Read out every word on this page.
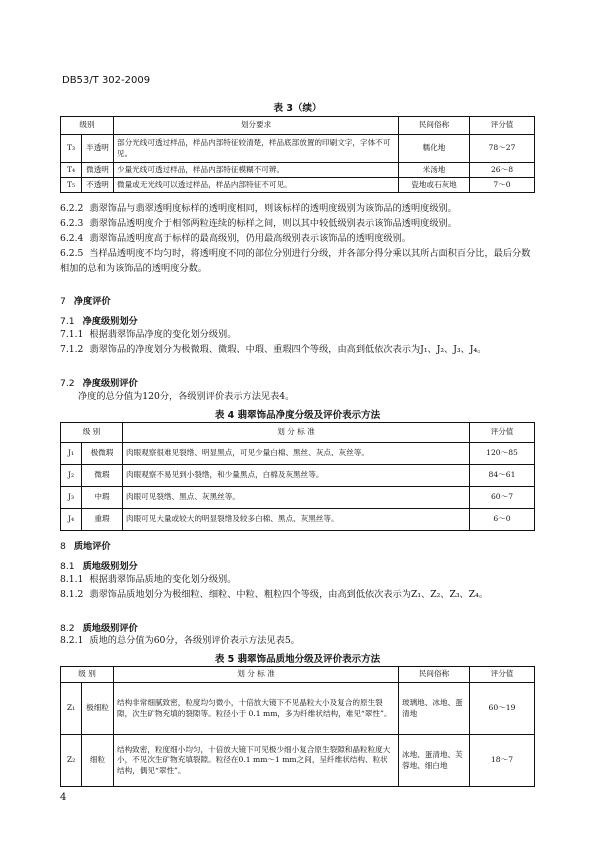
DB53/T 302-2009
表 3（续）
级别		划分要求	民间俗称	评分值
T₃	半透明	部分光线可透过样品，样品内部特征较清楚，样品底部放置的印刷文字，字体不可见。	糯化地	78～27
T₄	微透明	少量光线可透过样品，样品内部特征模糊不可辨。	米汤地	26～8
T₅	不透明	微量或无光线可以透过样品，样品内部特征不可见。	瓷地或石灰地	7～0
6.2.2 翡翠饰品与翡翠透明度标样的透明度相同，则该标样的透明度级别为该饰品的透明度级别。
6.2.3 翡翠饰品透明度介于相邻两粒连续的标样之间，则以其中较低级别表示该饰品透明度级别。
6.2.4 翡翠饰品透明度高于标样的最高级别，仍用最高级别表示该饰品的透明度级别。
6.2.5 当样品透明度不均匀时，将透明度不同的部位分别进行分级，并各部分得分乘以其所占面积百分比，最后分数相加的总和为该饰品的透明度分数。
7 净度评价
7.1 净度级别划分
7.1.1 根据翡翠饰品净度的变化划分级别。
7.1.2 翡翠饰品的净度划分为极微瑕、微瑕、中瑕、重瑕四个等级，由高到低依次表示为J₁、J₂、J₃、J₄。
7.2 净度级别评价
净度的总分值为120分，各级别评价表示方法见表4。
表 4 翡翠饰品净度分级及评价表示方法
级 别		划 分 标 准	评分值
J₁	极微瑕	肉眼观察很难见裂绺、明显黑点，可见少量白棉、黑丝、灰点、灰丝等。	120～85
J₂	微瑕	肉眼观察不易见到小裂绺，和少量黑点，白棉及灰黑丝等。	84～61
J₃	中瑕	肉眼可见裂绺、黑点、灰黑丝等。	60～7
J₄	重瑕	肉眼可见大量或较大的明显裂绺及较多白棉、黑点、灰黑丝等。	6～0
8 质地评价
8.1 质地级别划分
8.1.1 根据翡翠饰品质地的变化划分级别。
8.1.2 翡翠饰品质地划分为极细粒、细粒、中粒、粗粒四个等级，由高到低依次表示为Z₁、Z₂、Z₃、Z₄。
8.2 质地级别评价
8.2.1 质地的总分值为60分，各级别评价表示方法见表5。
表 5 翡翠饰品质地分级及评价表示方法
级 别		划 分 标 准	民间俗称	评分值
Z₁	极细粒	结构非常细腻致密，粒度均匀微小，十倍放大镜下不见晶粒大小及复合的原生裂隙，次生矿物充填的裂隙等。粒径小于 0.1 mm，多为纤维状结构，难见“翠性”。	玻璃地、冰地、蛋清地	60～19
Z₂	细粒	结构致密，粒度细小均匀，十倍放大镜下可见极少细小复合原生裂隙和晶粒粒度大小，不见次生矿物充填裂隙。粒径在0.1 mm～1 mm之间，呈纤维状结构、粒状结构，偶见“翠性”。	冰地、蛋清地、芙蓉地、细白地	18～7
4
